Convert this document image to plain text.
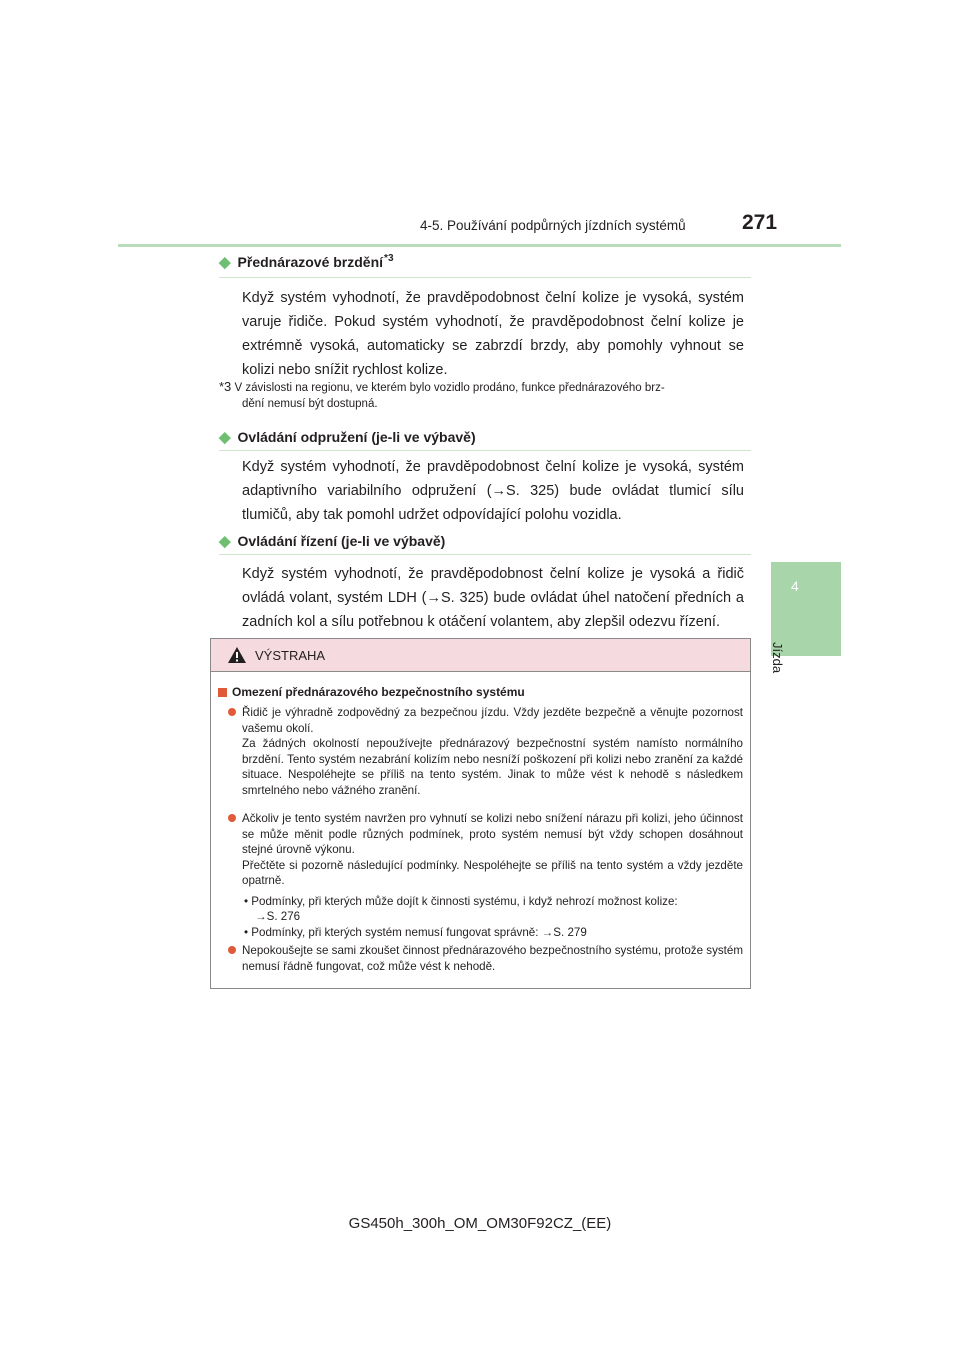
4-5. Používání podpůrných jízdních systémů	271
4
Jízda
◆ Přednárazové brzdění *3

Když systém vyhodnotí, že pravděpodobnost čelní kolize je vysoká, systém varuje řidiče. Pokud systém vyhodnotí, že pravděpodobnost čelní kolize je extrémně vysoká, automaticky se zabrzdí brzdy, aby pomohly vyhnout se kolizi nebo snížit rychlost kolize.

*3 V závislosti na regionu, ve kterém bylo vozidlo prodáno, funkce přednárazového brz-
dění nemusí být dostupná.
◆ Ovládání odpružení (je-li ve výbavě)

Když systém vyhodnotí, že pravděpodobnost čelní kolize je vysoká, systém adaptivního variabilního odpružení (→S. 325) bude ovládat tlumicí sílu tlumičů, aby tak pomohl udržet odpovídající polohu vozidla.

◆ Ovládání řízení (je-li ve výbavě)

Když systém vyhodnotí, že pravděpodobnost čelní kolize je vysoká a řidič ovládá volant, systém LDH (→S. 325) bude ovládat úhel natočení předních a zadních kol a sílu potřebnou k otáčení volantem, aby zlepšil odezvu řízení.

VÝSTRAHA
Omezení přednárazového bezpečnostního systému

Řidič je výhradně zodpovědný za bezpečnou jízdu. Vždy jezděte bezpečně a věnujte pozornost vašemu okolí.

Za žádných okolností nepoužívejte přednárazový bezpečnostní systém namísto normálního brzdění. Tento systém nezabrání kolizím nebo nesníží poškození při kolizi nebo zranění za každé situace. Nespoléhejte se příliš na tento systém. Jinak to může vést k nehodě s následkem smrtelného nebo vážného zranění.

Ačkoliv je tento systém navržen pro vyhnutí se kolizi nebo snížení nárazu při kolizi, jeho účinnost se může měnit podle různých podmínek, proto systém nemusí být vždy schopen dosáhnout stejné úrovně výkonu.

Přečtěte si pozorně následující podmínky. Nespoléhejte se příliš na tento systém a vždy jezděte opatrně.

• Podmínky, při kterých může dojít k činnosti systému, i když nehrozí možnost kolize:
→S. 276
• Podmínky, při kterých systém nemusí fungovat správně: →S. 279

Nepokoušejte se sami zkoušet činnost přednárazového bezpečnostního systému, protože systém nemusí řádně fungovat, což může vést k nehodě.

GS450h_300h_OM_OM30F92CZ_(EE)
